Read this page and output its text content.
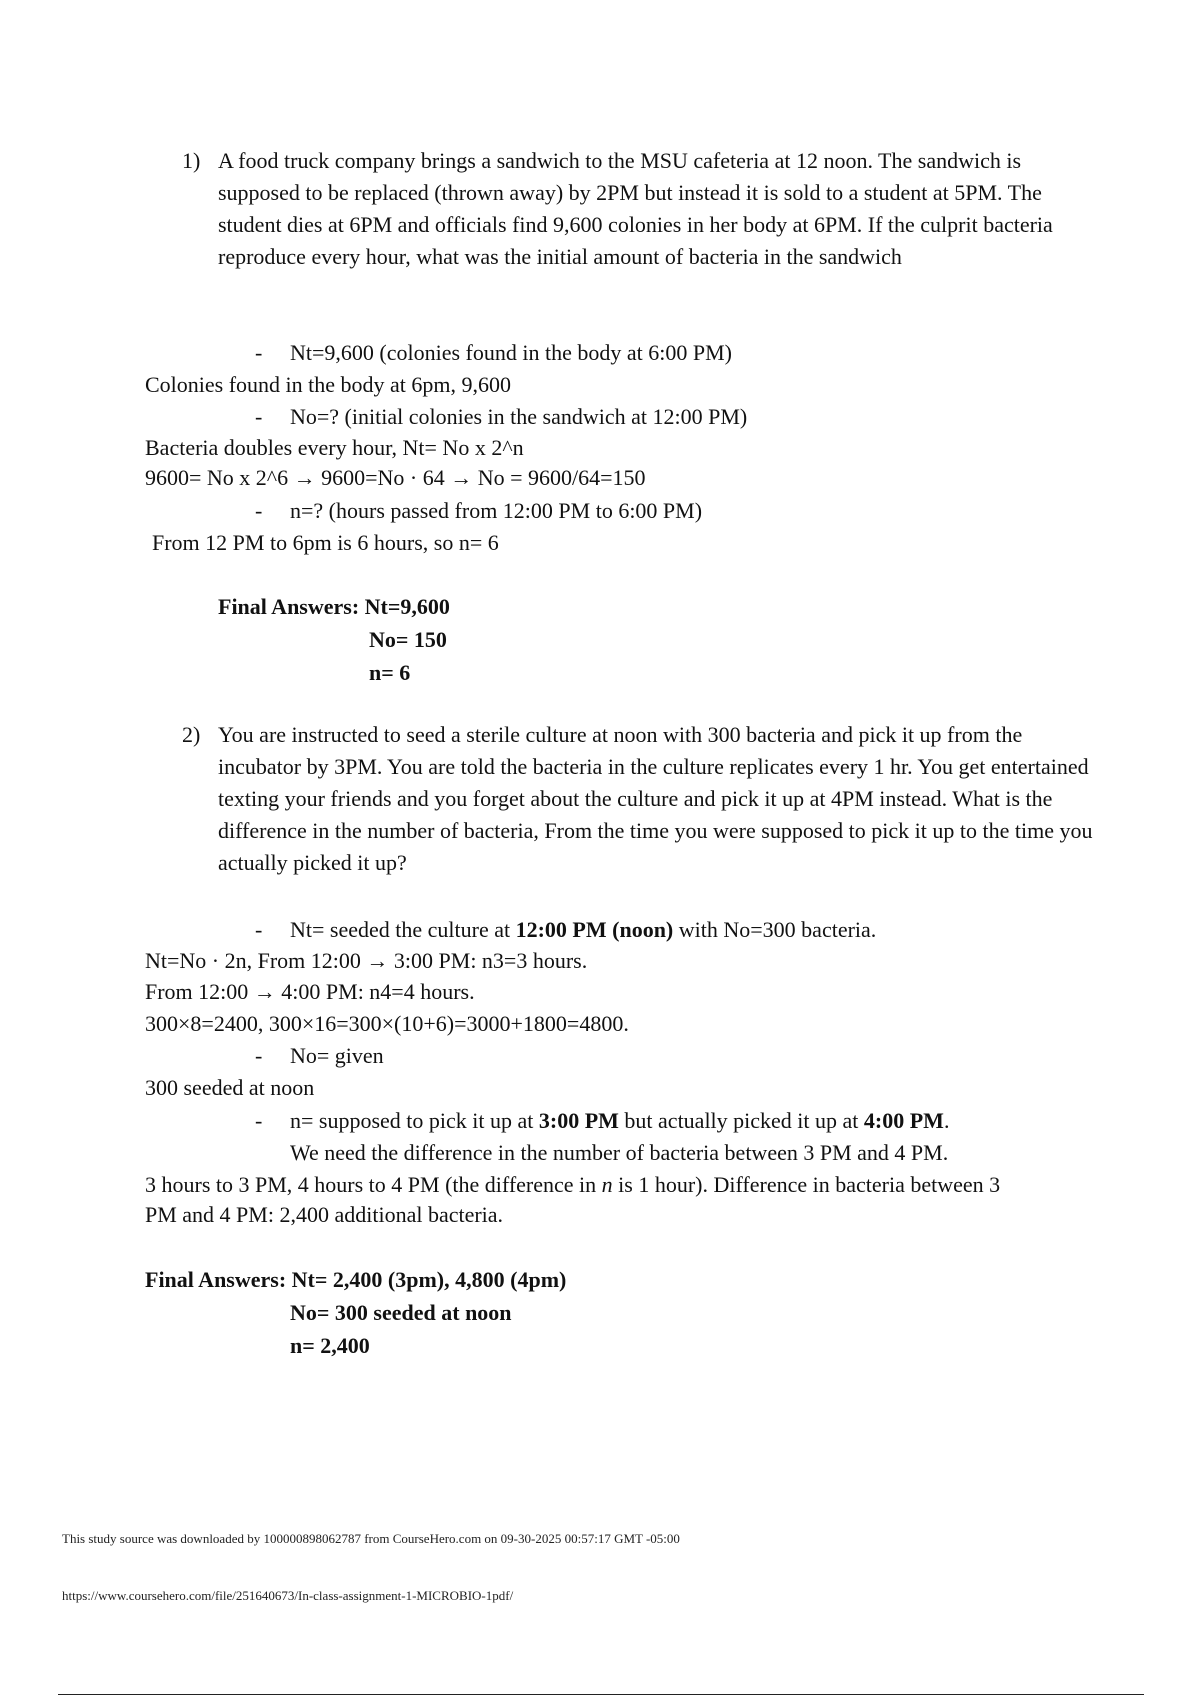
1) A food truck company brings a sandwich to the MSU cafeteria at 12 noon. The sandwich is supposed to be replaced (thrown away) by 2PM but instead it is sold to a student at 5PM. The student dies at 6PM and officials find 9,600 colonies in her body at 6PM. If the culprit bacteria reproduce every hour, what was the initial amount of bacteria in the sandwich

- Nt=9,600 (colonies found in the body at 6:00 PM)

Colonies found in the body at 6pm, 9,600

- No=? (initial colonies in the sandwich at 12:00 PM)

Bacteria doubles every hour, Nt= No x 2^n

9600= No x 2^6 → 9600=No · 64 → No = 9600/64=150

- n=? (hours passed from 12:00 PM to 6:00 PM)

From 12 PM to 6pm is 6 hours, so n= 6

Final Answers: Nt=9,600

No= 150

n= 6

2) You are instructed to seed a sterile culture at noon with 300 bacteria and pick it up from the incubator by 3PM. You are told the bacteria in the culture replicates every 1 hr. You get entertained texting your friends and you forget about the culture and pick it up at 4PM instead. What is the difference in the number of bacteria, From the time you were supposed to pick it up to the time you actually picked it up?

- Nt= seeded the culture at 12:00 PM (noon) with No=300 bacteria.

Nt=No · 2n, From 12:00 → 3:00 PM: n3=3 hours.

From 12:00 → 4:00 PM: n4=4 hours.

300×8=2400, 300×16=300×(10+6)=3000+1800=4800.

- No= given

300 seeded at noon

- n= supposed to pick it up at 3:00 PM but actually picked it up at 4:00 PM.

We need the difference in the number of bacteria between 3 PM and 4 PM.

3 hours to 3 PM, 4 hours to 4 PM (the difference in n is 1 hour). Difference in bacteria between 3

PM and 4 PM: 2,400 additional bacteria.

Final Answers: Nt= 2,400 (3pm), 4,800 (4pm)

No= 300 seeded at noon

n= 2,400

This study source was downloaded by 100000898062787 from CourseHero.com on 09-30-2025 00:57:17 GMT -05:00

https://www.coursehero.com/file/251640673/In-class-assignment-1-MICROBIO-1pdf/
